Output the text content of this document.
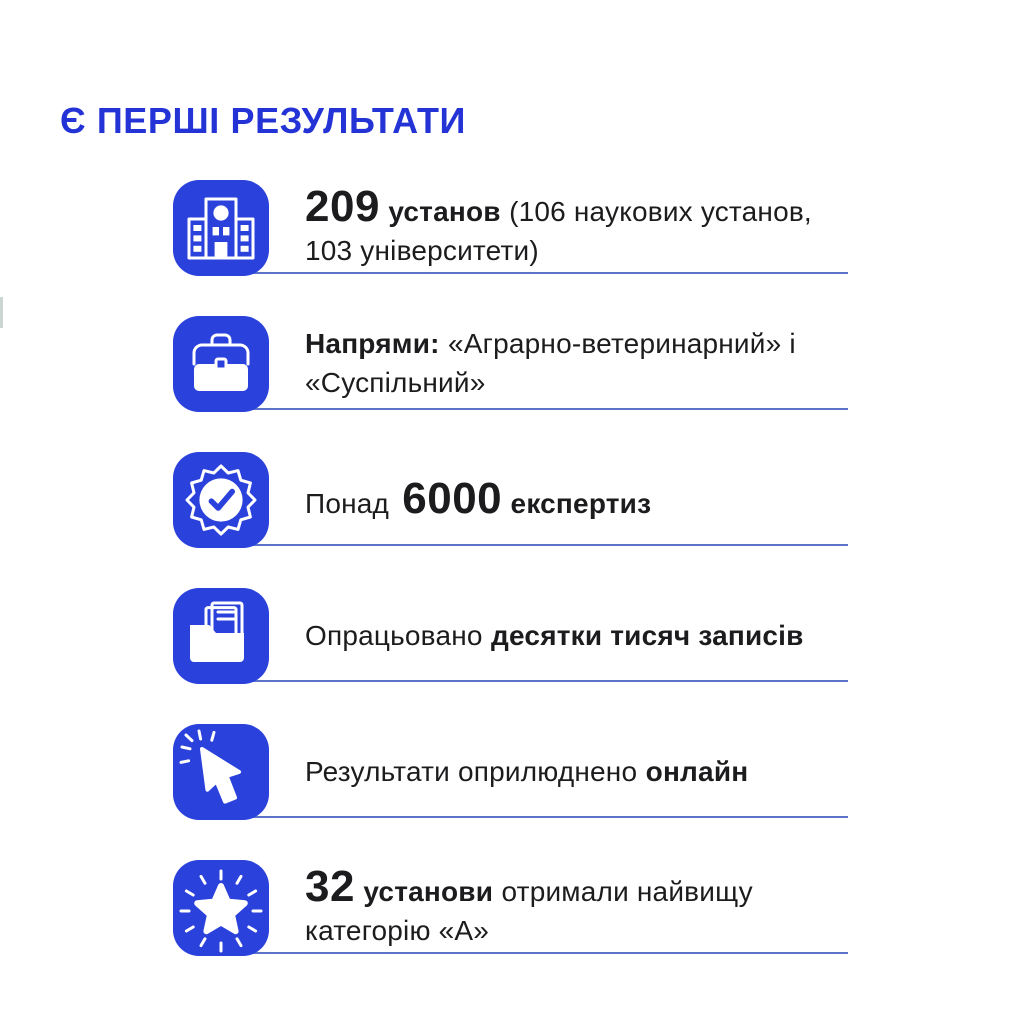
Є ПЕРШІ РЕЗУЛЬТАТИ
209 установ (106 наукових установ, 103 університети)
Напрями: «Аграрно-ветеринарний» і «Суспільний»
Понад 6000 експертиз
Опрацьовано десятки тисяч записів
Результати оприлюднено онлайн
32 установи отримали найвищу категорію «А»
